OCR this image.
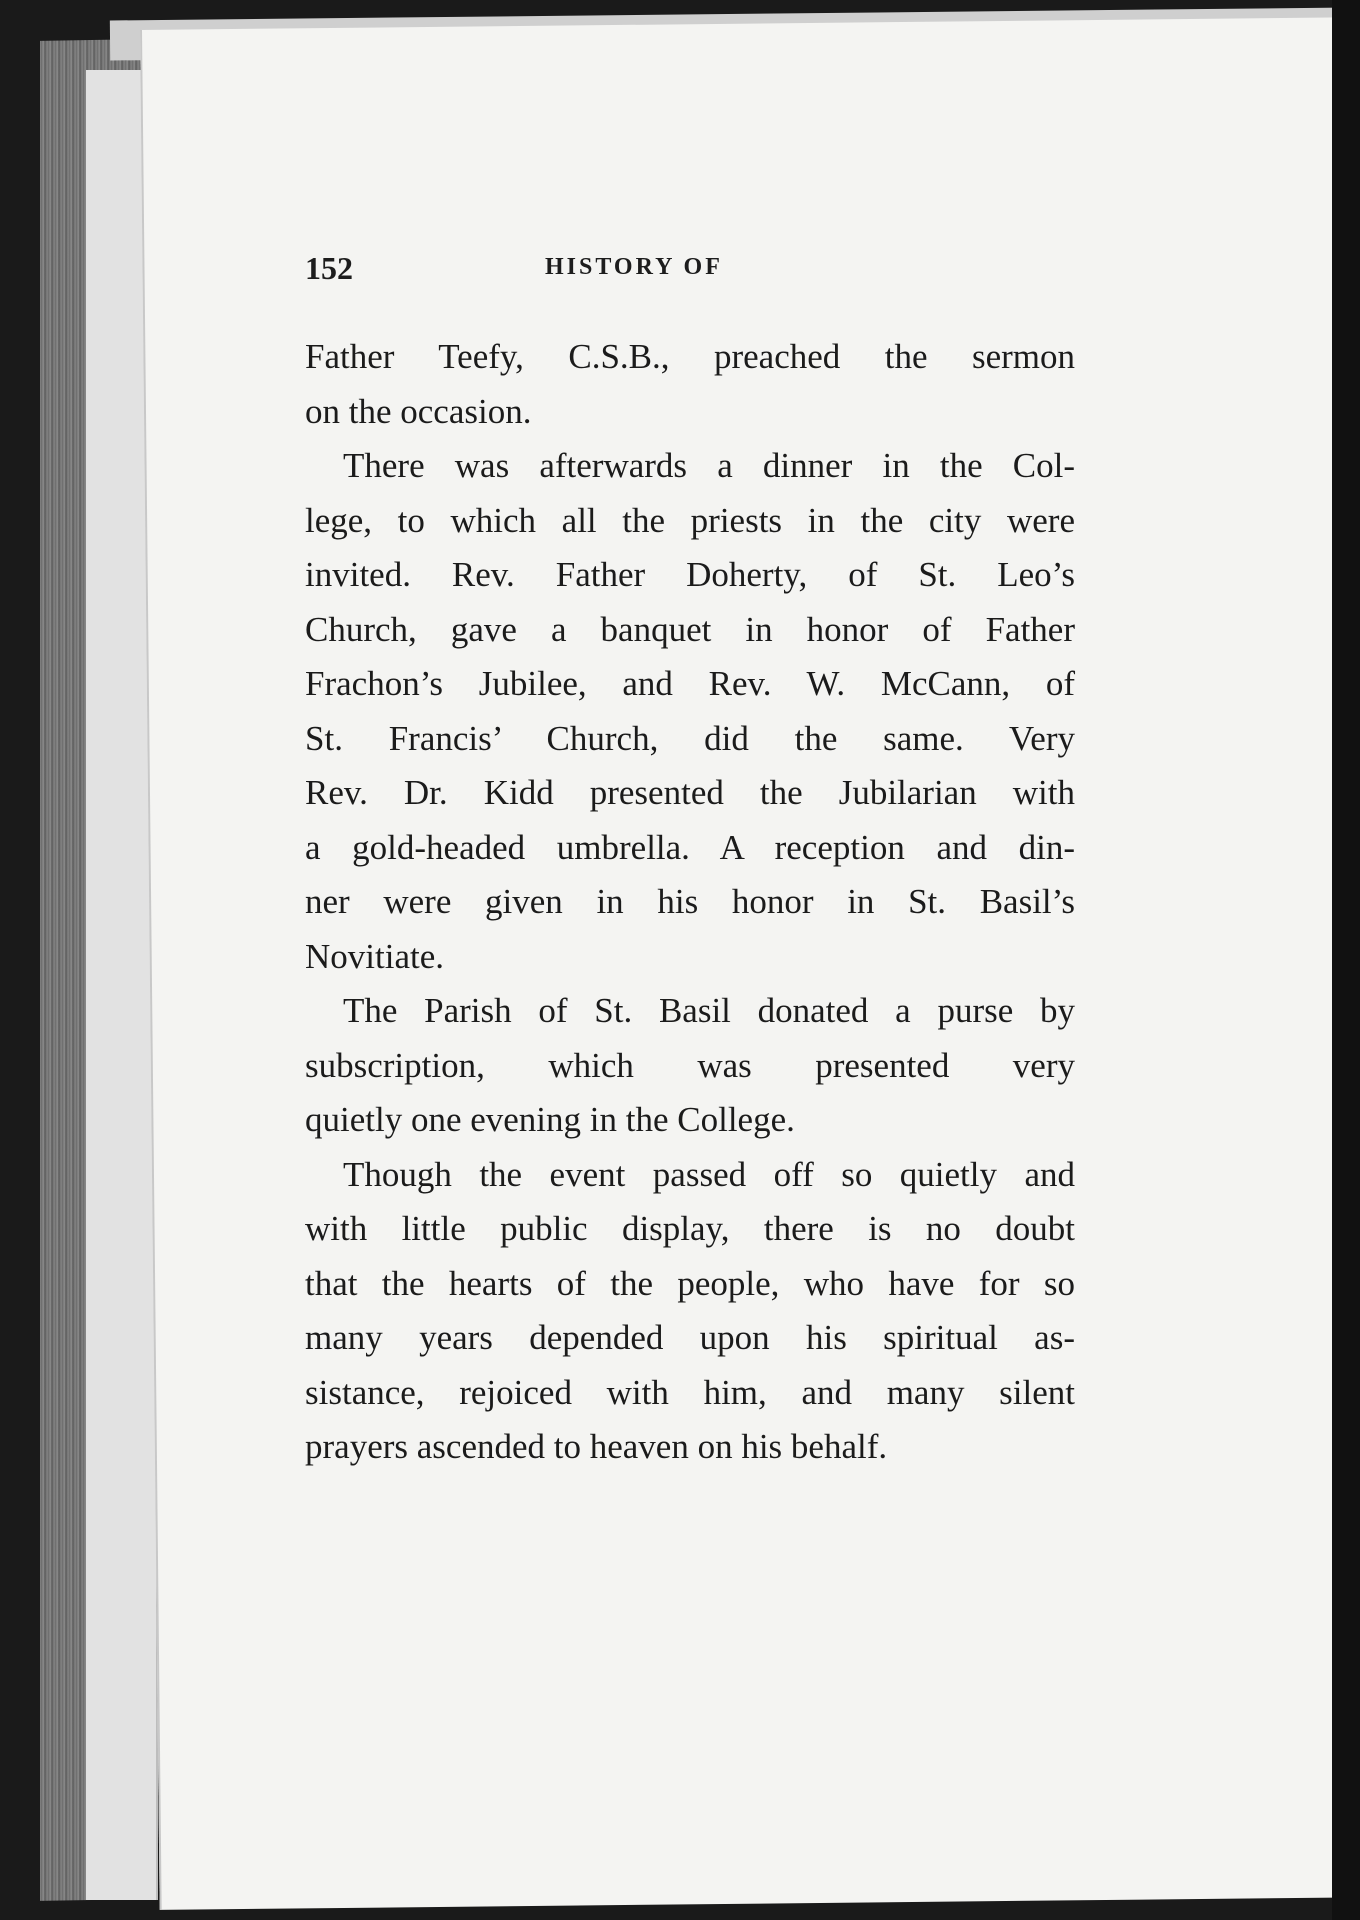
152	HISTORY OF
Father Teefy, C.S.B., preached the sermon
on the occasion.
There was afterwards a dinner in the Col-
lege, to which all the priests in the city were
invited. Rev. Father Doherty, of St. Leo’s
Church, gave a banquet in honor of Father
Frachon’s Jubilee, and Rev. W. McCann, of
St. Francis’ Church, did the same. Very
Rev. Dr. Kidd presented the Jubilarian with
a gold-headed umbrella. A reception and din-
ner were given in his honor in St. Basil’s
Novitiate.
The Parish of St. Basil donated a purse by
subscription, which was presented very
quietly one evening in the College.
Though the event passed off so quietly and
with little public display, there is no doubt
that the hearts of the people, who have for so
many years depended upon his spiritual as-
sistance, rejoiced with him, and many silent
prayers ascended to heaven on his behalf.
